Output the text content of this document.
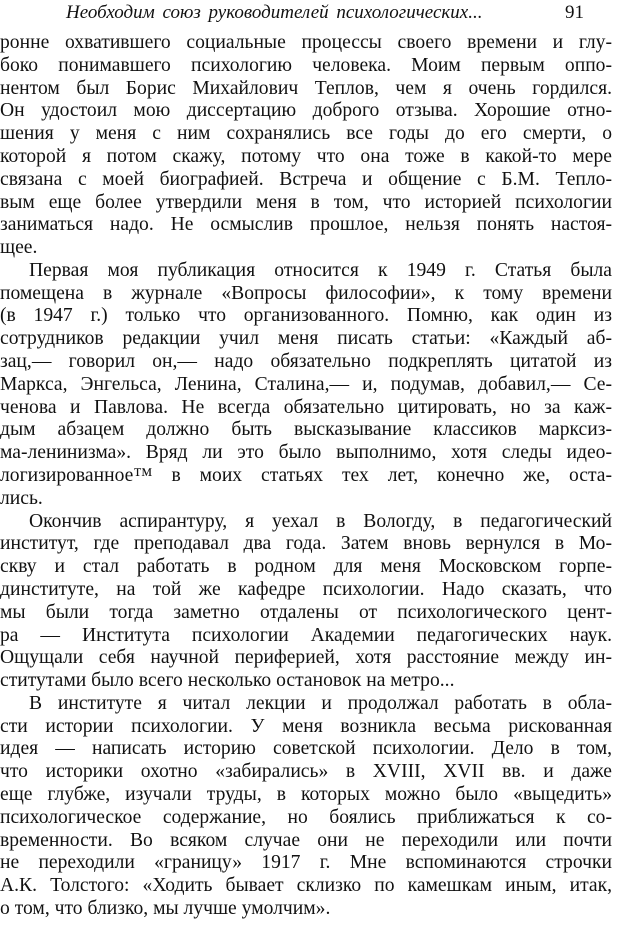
Необходим союз руководителей психологических...	91
ронне охватившего социальные процессы своего времени и глу-
боко понимавшего психологию человека. Моим первым оппо-
нентом был Борис Михайлович Теплов, чем я очень гордился.
Он удостоил мою диссертацию доброго отзыва. Хорошие отно-
шения у меня с ним сохранялись все годы до его смерти, о
которой я потом скажу, потому что она тоже в какой-то мере
связана с моей биографией. Встреча и общение с Б.М. Тепло-
вым еще более утвердили меня в том, что историей психологии
заниматься надо. Не осмыслив прошлое, нельзя понять настоя-
щее.
Первая моя публикация относится к 1949 г. Статья была
помещена в журнале «Вопросы философии», к тому времени
(в 1947 г.) только что организованного. Помню, как один из
сотрудников редакции учил меня писать статьи: «Каждый аб-
зац,— говорил он,— надо обязательно подкреплять цитатой из
Маркса, Энгельса, Ленина, Сталина,— и, подумав, добавил,— Се-
ченова и Павлова. Не всегда обязательно цитировать, но за каж-
дым абзацем должно быть высказывание классиков марксиз-
ма-ленинизма». Вряд ли это было выполнимо, хотя следы идео-
логизированное™ в моих статьях тех лет, конечно же, оста-
лись.
Окончив аспирантуру, я уехал в Вологду, в педагогический
институт, где преподавал два года. Затем вновь вернулся в Мо-
скву и стал работать в родном для меня Московском горпе-
динституте, на той же кафедре психологии. Надо сказать, что
мы были тогда заметно отдалены от психологического цент-
ра — Института психологии Академии педагогических наук.
Ощущали себя научной периферией, хотя расстояние между ин-
ститутами было всего несколько остановок на метро...
В институте я читал лекции и продолжал работать в обла-
сти истории психологии. У меня возникла весьма рискованная
идея — написать историю советской психологии. Дело в том,
что историки охотно «забирались» в XVIII, XVII вв. и даже
еще глубже, изучали труды, в которых можно было «выцедить»
психологическое содержание, но боялись приближаться к со-
временности. Во всяком случае они не переходили или почти
не переходили «границу» 1917 г. Мне вспоминаются строчки
А.К. Толстого: «Ходить бывает склизко по камешкам иным, итак,
о том, что близко, мы лучше умолчим».
